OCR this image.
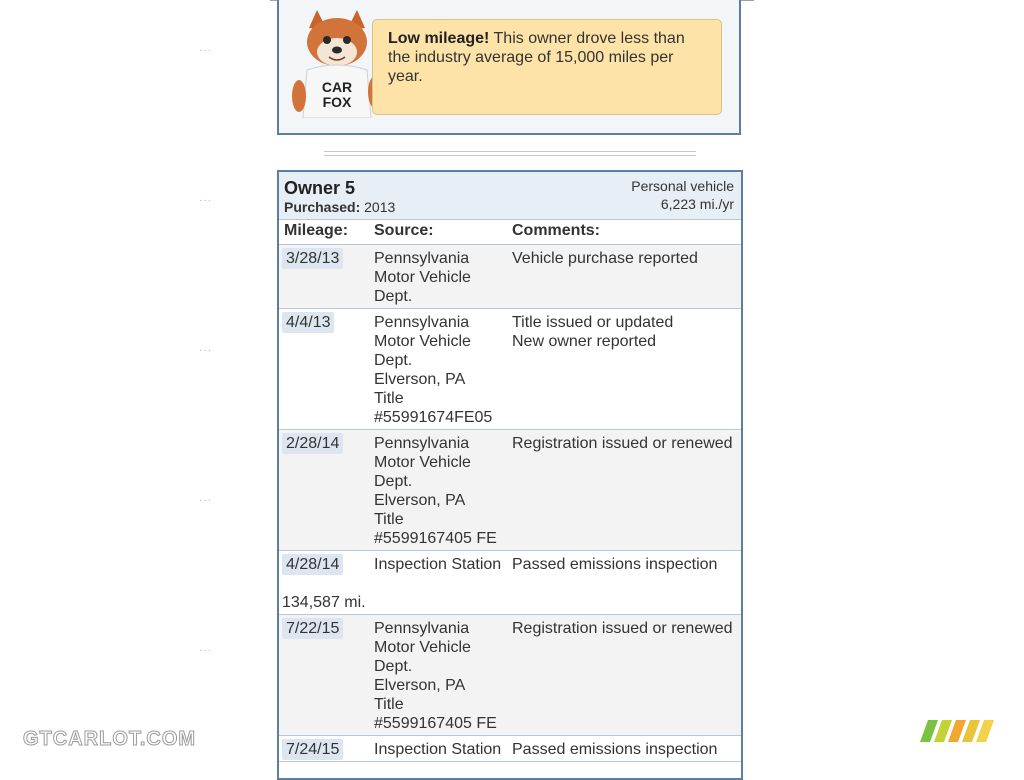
···
···
···
···
···
CAR
FOX
Low mileage! This owner drove less than the industry average of 15,000 miles per year.
Owner 5
Purchased: 2013
Personal vehicle
6,223 mi./yr
Mileage: Source:	Comments:
3/28/13 Pennsylvania
Motor Vehicle
Dept.
Vehicle purchase reported
4/4/13	Pennsylvania
Motor Vehicle
Dept.
Elverson, PA
Title
#55991674FE05
Title issued or updated
New owner reported
2/28/14 Pennsylvania
Motor Vehicle
Dept.
Elverson, PA
Title
#5599167405 FE
Registration issued or renewed
4/28/14 Inspection Station Passed emissions inspection
134,587 mi.
7/22/15 Pennsylvania
Motor Vehicle
Dept.
Elverson, PA
Title
#5599167405 FE
Registration issued or renewed
7/24/15 Inspection Station Passed emissions inspection
GTCARLOT.COM
